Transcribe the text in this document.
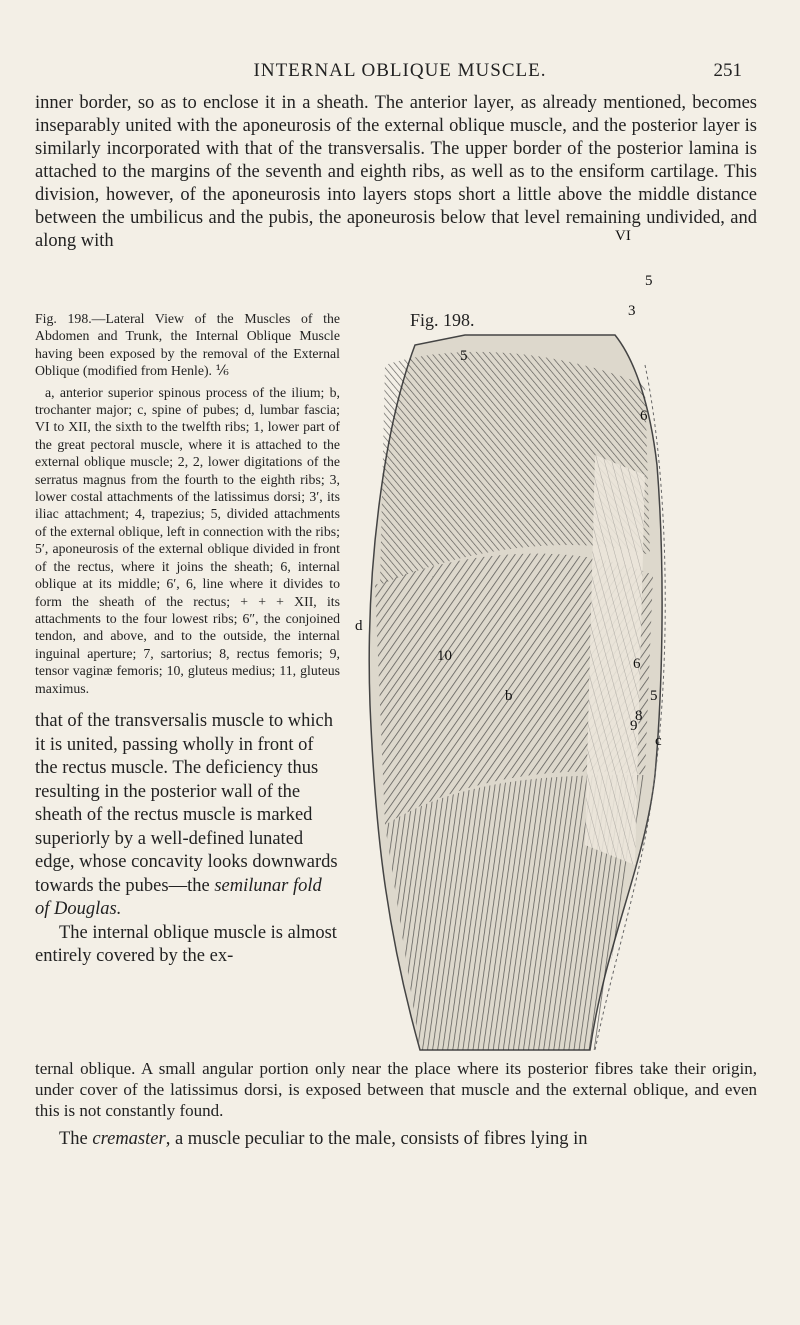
INTERNAL OBLIQUE MUSCLE.	251
inner border, so as to enclose it in a sheath. The anterior layer, as already mentioned, becomes inseparably united with the aponeurosis of the external oblique muscle, and the posterior layer is similarly incorporated with that of the transversalis. The upper border of the posterior lamina is attached to the margins of the seventh and eighth ribs, as well as to the ensiform cartilage. This division, however, of the aponeurosis into layers stops short a little above the middle distance between the umbilicus and the pubis, the aponeurosis below that level remaining undivided, and along with

Fig. 198.—Lateral View of the Muscles of the Abdomen and Trunk, the Internal Oblique Muscle having been exposed by the removal of the External Oblique (modified from Henle). ⅙

a, anterior superior spinous process of the ilium; b, trochanter major; c, spine of pubes; d, lumbar fascia; VI to XII, the sixth to the twelfth ribs; 1, lower part of the great pectoral muscle, where it is attached to the external oblique muscle; 2, 2, lower digitations of the serratus magnus from the fourth to the eighth ribs; 3, lower costal attachments of the latissimus dorsi; 3′, its iliac attachment; 4, trapezius; 5, divided attachments of the external oblique, left in connection with the ribs; 5′, aponeurosis of the external oblique divided in front of the rectus, where it joins the sheath; 6, internal oblique at its middle; 6′, 6, line where it divides to form the sheath of the rectus; + + + XII, its attachments to the four lowest ribs; 6″, the conjoined tendon, and above, and to the outside, the internal inguinal aperture; 7, sartorius; 8, rectus femoris; 9, tensor vaginæ femoris; 10, gluteus medius; 11, gluteus maximus.

Fig. 198.
VI
5
3
5
6
d
10	6
b
8
c
5
9

that of the transversalis muscle to which it is united, passing wholly in front of the rectus muscle. The deficiency thus resulting in the posterior wall of the sheath of the rectus muscle is marked superiorly by a well-defined lunated edge, whose concavity looks downwards towards the pubes—the semilunar fold of Douglas.

The internal oblique muscle is almost entirely covered by the ex-

ternal oblique. A small angular portion only near the place where its posterior fibres take their origin, under cover of the latissimus dorsi, is exposed between that muscle and the external oblique, and even this is not constantly found.
The cremaster, a muscle peculiar to the male, consists of fibres lying in
